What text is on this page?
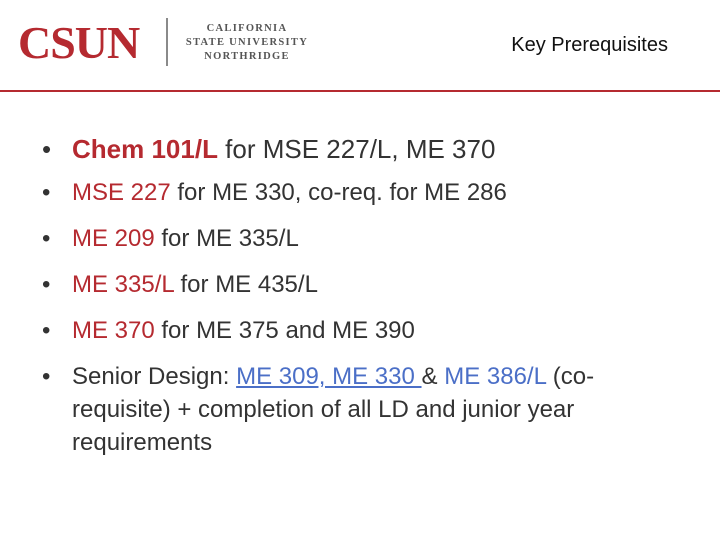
CSUN	CALIFORNIA
STATE UNIVERSITY
NORTHRIDGE
Key Prerequisites
• Chem 101/L for MSE 227/L, ME 370
• MSE 227 for ME 330, co-req. for ME 286
• ME 209 for ME 335/L
• ME 335/L for ME 435/L
• ME 370 for ME 375 and ME 390
• Senior Design: ME 309, ME 330 & ME 386/L (co-requisite) + completion of all LD and junior year requirements
